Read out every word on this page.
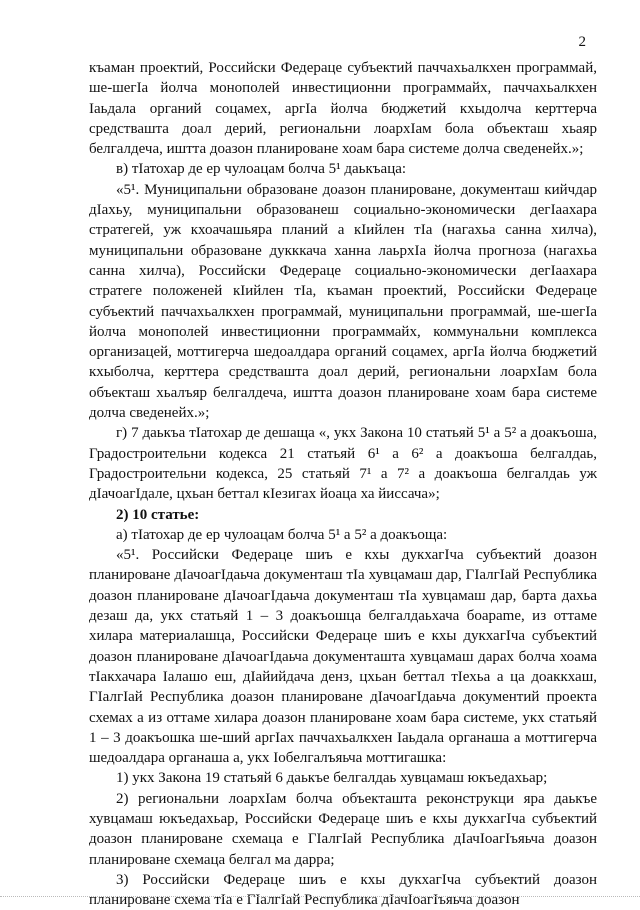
2

къаман проектий, Российски Федераце субъектий паччахьалкхен программай, ше-шегӀа йолча монополей инвестиционни программайх, паччахьалкхен Ӏаьдала органий соцамех, аргӀа йолча бюджетий кхыдолча керттерча средствашта доал дерий, региональни лоархӀам бола объекташ хьаяр белгалдеча, иштта доазон планироване хоам бара системе долча сведенейх.»;

в) тӀатохар де ер чулоацам болча 5¹ даькъаца:

«5¹. Муниципальни образоване доазон планироване, документаш кийчдар дӀахьу, муниципальни образованеш социально-экономически дегӀаахара стратегей, уж кхоачашьяра планий а кӀийлен тӀа (нагахьа санна хилча), муниципальни образоване дукккача ханна лаьрхӀа йолча прогноза (нагахьа санна хилча), Российски Федераце социально-экономически дегӀаахара стратеге положеней кӀийлен тӀа, къаман проектий, Российски Федераце субъектий паччахьалкхен программай, муниципальни программай, ше-шегӀа йолча монополей инвестиционни программайх, коммунальни комплекса организацей, моттигерча шедоалдара органий соцамех, аргӀа йолча бюджетий кхыболча, керттера средствашта доал дерий, региональни лоархӀам бола объекташ хьалъяр белгалдеча, иштта доазон планироване хоам бара системе долча сведенейх.»;

г) 7 даькъа тӀатохар де дешаща «, укх Закона 10 статьяй 5¹ а 5² а доакъоша, Градостроительни кодекса 21 статьяй 6¹ а 6² а доакъоша белгалдаь, Градостроительни кодекса, 25 статьяй 7¹ а 7² а доакъоша белгалдаь уж дӀачоагӀдале, цхьан беттал кӀезигах йоаца ха йиссача»;

2) 10 статье:

а) тӀатохар де ер чулоацам болча 5¹ а 5² а доакъоща:

«5¹. Российски Федераце шиъ е кхы дукхагӀча субъектий доазон планироване дӀачоагӀдаьча документаш тӀа хувцамаш дар, ГӀалгӀай Республика доазон планироване дӀачоагӀдаьча документаш тӀа хувцамаш дар, барта дахьа дезаш да, укх статьяй 1 – 3 доакъошца белгалдаьхача боарame, из оттаме хилара материалашца, Российски Федераце шиъ е кхы дукхагӀча субъектий доазон планироване дӀачоагӀдаьча документашта хувцамаш дарах болча хоама тӀакхачара Ӏалашо еш, дӀайийдача денз, цхьан беттал тӀехьа а ца доаккхаш, ГӀалгӀай Республика доазон планироване дӀачоагӀдаьча документий проекта схемах а из оттаме хилара доазон планироване хоам бара системе, укх статьяй 1 – 3 доакъошка ше-ший аргӀах паччахьалкхен Ӏаьдала органаша а моттигерча шедоалдара органаша а, укх Ӏобелгалъяьча моттигашка:

1) укх Закона 19 статьяй 6 даькъе белгалдаь хувцамаш юкъедахьар;

2) региональни лоархӀам болча объекташта реконструкци яра даькъе хувцамаш юкъедахьар, Российски Федераце шиъ е кхы дукхагӀча субъектий доазон планироване схемаца е ГӀалгӀай Республика дӀачӀоагӀъяьча доазон планироване схемаца белгал ма дарра;

3) Российски Федераце шиъ е кхы дукхагӀча субъектий доазон планироване схема тӀа е ГӀалгӀай Республика дӀачӀоагӀъяьча доазон
